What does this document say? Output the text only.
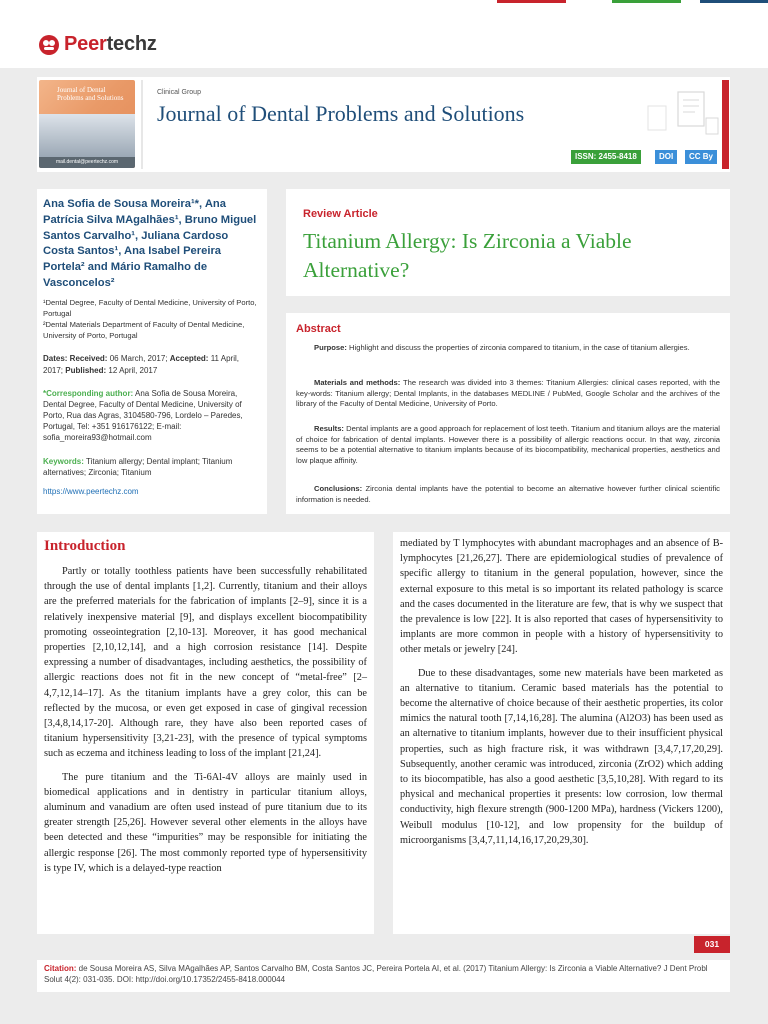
Peertechz
Journal of Dental Problems and Solutions
mail.dental@peertechz.com
Clinical Group
Journal of Dental Problems and Solutions
ISSN: 2455-8418	DOI	CC By
Ana Sofia de Sousa Moreira¹*, Ana Patrícia Silva MAgalhães¹, Bruno Miguel Santos Carvalho¹, Juliana Cardoso Costa Santos¹, Ana Isabel Pereira Portela² and Mário Ramalho de Vasconcelos²
¹Dental Degree, Faculty of Dental Medicine, University of Porto, Portugal
²Dental Materials Department of Faculty of Dental Medicine, University of Porto, Portugal
Dates: Received: 06 March, 2017; Accepted: 11 April, 2017; Published: 12 April, 2017
*Corresponding author: Ana Sofia de Sousa Moreira, Dental Degree, Faculty of Dental Medicine, University of Porto, Rua das Agras, 3104580-796, Lordelo – Paredes, Portugal, Tel: +351 916176122; E-mail: sofia_moreira93@hotmail.com
Keywords: Titanium allergy; Dental implant; Titanium alternatives; Zirconia; Titanium
https://www.peertechz.com
Review Article
Titanium Allergy: Is Zirconia a Viable Alternative?
Abstract
Purpose: Highlight and discuss the properties of zirconia compared to titanium, in the case of titanium allergies.
Materials and methods: The research was divided into 3 themes: Titanium Allergies: clinical cases reported, with the key-words: Titanium allergy; Dental Implants, in the databases MEDLINE / PubMed, Google Scholar and the archives of the library of the Faculty of Dental Medicine, University of Porto.
Results: Dental implants are a good approach for replacement of lost teeth. Titanium and titanium alloys are the material of choice for fabrication of dental implants. However there is a possibility of allergic reactions occur. In that way, zirconia seems to be a potential alternative to titanium implants because of its biocompatibility, mechanical properties, aesthetics and low plaque affinity.
Conclusions: Zirconia dental implants have the potential to become an alternative however further clinical scientific information is needed.
Introduction

Partly or totally toothless patients have been successfully rehabilitated through the use of dental implants [1,2]. Currently, titanium and their alloys are the preferred materials for the fabrication of implants [2–9], since it is a relatively inexpensive material [9], and displays excellent biocompatibility promoting osseointegration [2,10-13]. Moreover, it has good mechanical properties [2,10,12,14], and a high corrosion resistance [14]. Despite expressing a number of disadvantages, including aesthetics, the possibility of allergic reactions does not fit in the new concept of “metal-free” [2–4,7,12,14–17]. As the titanium implants have a grey color, this can be reflected by the mucosa, or even get exposed in case of gingival recession [3,4,8,14,17-20]. Although rare, they have also been reported cases of titanium hypersensitivity [3,21-23], with the presence of typical symptoms such as eczema and itchiness leading to loss of the implant [21,24].

The pure titanium and the Ti-6Al-4V alloys are mainly used in biomedical applications and in dentistry in particular titanium alloys, aluminum and vanadium are often used instead of pure titanium due to its greater strength [25,26]. However several other elements in the alloys have been detected and these “impurities” may be responsible for initiating the allergic response [26]. The most commonly reported type of hypersensitivity is type IV, which is a delayed-type reaction

mediated by T lymphocytes with abundant macrophages and an absence of B-lymphocytes [21,26,27]. There are epidemiological studies of prevalence of specific allergy to titanium in the general population, however, since the external exposure to this metal is so important its related pathology is scarce and the cases documented in the literature are few, that is why we suspect that the prevalence is low [22]. It is also reported that cases of hypersensitivity to implants are more common in people with a history of hypersensitivity to other metals or jewelry [24].

Due to these disadvantages, some new materials have been marketed as an alternative to titanium. Ceramic based materials has the potential to become the alternative of choice because of their aesthetic properties, its color mimics the natural tooth [7,14,16,28]. The alumina (Al2O3) has been used as an alternative to titanium implants, however due to their insufficient physical properties, such as high fracture risk, it was withdrawn [3,4,7,17,20,29]. Subsequently, another ceramic was introduced, zirconia (ZrO2) which adding to its biocompatible, has also a good aesthetic [3,5,10,28]. With regard to its physical and mechanical properties it presents: low corrosion, low thermal conductivity, high flexure strength (900-1200 MPa), hardness (Vickers 1200), Weibull modulus [10-12], and low propensity for the buildup of microorganisms [3,4,7,11,14,16,17,20,29,30].

031
Citation: de Sousa Moreira AS, Silva MAgalhães AP, Santos Carvalho BM, Costa Santos JC, Pereira Portela AI, et al. (2017) Titanium Allergy: Is Zirconia a Viable Alternative? J Dent Probl Solut 4(2): 031-035. DOI: http://doi.org/10.17352/2455-8418.000044
